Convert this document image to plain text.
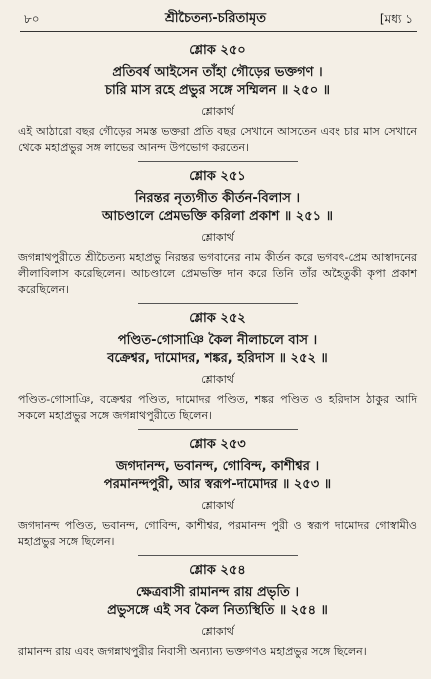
৮০	শ্রীচৈতন্য-চরিতামৃত	[মধ্য ১
শ্লোক ২৫০
প্রতিবর্ষ আইসেন তাঁহা গৌড়ের ভক্তগণ ।
চারি মাস রহে প্রভুর সঙ্গে সম্মিলন ॥ ২৫০ ॥
শ্লোকার্থ
এই আঠারো বছর গৌড়ের সমস্ত ভক্তরা প্রতি বছর সেখানে আসতেন এবং চার মাস সেখানে থেকে মহাপ্রভুর সঙ্গ লাভের আনন্দ উপভোগ করতেন।
শ্লোক ২৫১
নিরন্তর নৃত্যগীত কীর্তন-বিলাস ।
আচণ্ডালে প্রেমভক্তি করিলা প্রকাশ ॥ ২৫১ ॥
শ্লোকার্থ
জগন্নাথপুরীতে শ্রীচৈতন্য মহাপ্রভু নিরন্তর ভগবানের নাম কীর্তন করে ভগবৎ-প্রেম আস্বাদনের লীলাবিলাস করেছিলেন। আচণ্ডালে প্রেমভক্তি দান করে তিনি তাঁর অহৈতুকী কৃপা প্রকাশ করেছিলেন।
শ্লোক ২৫২
পণ্ডিত-গোসাঞি কৈল নীলাচলে বাস ।
বক্রেশ্বর, দামোদর, শঙ্কর, হরিদাস ॥ ২৫২ ॥
শ্লোকার্থ
পণ্ডিত-গোসাঞি, বক্রেশ্বর পণ্ডিত, দামোদর পণ্ডিত, শঙ্কর পণ্ডিত ও হরিদাস ঠাকুর আদি সকলে মহাপ্রভুর সঙ্গে জগন্নাথপুরীতে ছিলেন।
শ্লোক ২৫৩
জগদানন্দ, ভবানন্দ, গোবিন্দ, কাশীশ্বর ।
পরমানন্দপুরী, আর স্বরূপ-দামোদর ॥ ২৫৩ ॥
শ্লোকার্থ
জগদানন্দ পণ্ডিত, ভবানন্দ, গোবিন্দ, কাশীশ্বর, পরমানন্দ পুরী ও স্বরূপ দামোদর গোস্বামীও মহাপ্রভুর সঙ্গে ছিলেন।
শ্লোক ২৫৪
ক্ষেত্রবাসী রামানন্দ রায় প্রভৃতি ।
প্রভুসঙ্গে এই সব কৈল নিত্যস্থিতি ॥ ২৫৪ ॥
শ্লোকার্থ
রামানন্দ রায় এবং জগন্নাথপুরীর নিবাসী অন্যান্য ভক্তগণও মহাপ্রভুর সঙ্গে ছিলেন।
